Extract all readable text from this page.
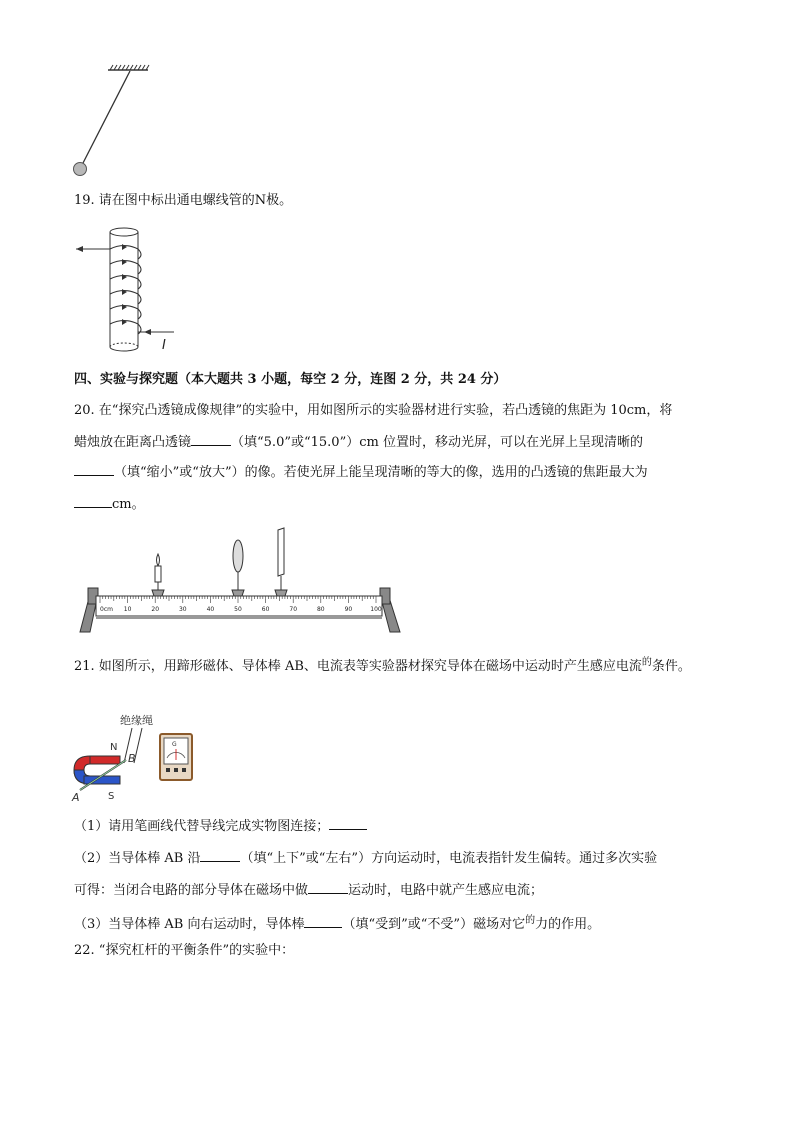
19. 请在图中标出通电螺线管的N极。
I
四、实验与探究题（本大题共 3 小题，每空 2 分，连图 2 分，共 24 分）
20. 在“探究凸透镜成像规律”的实验中，用如图所示的实验器材进行实验，若凸透镜的焦距为 10cm，将
蜡烛放在距离凸透镜	（填“5.0”或“15.0”）cm 位置时，移动光屏，可以在光屏上呈现清晰的
（填“缩小”或“放大”）的像。若使光屏上能呈现清晰的等大的像，选用的凸透镜的焦距最大为
cm。
0cm 10	20	30	40	50	60	70	80	90	100
21. 如图所示，用蹄形磁体、导体棒 AB、电流表等实验器材探究导体在磁场中运动时产生感应电流$^的$条件。
绝缘绳
N
B
A	S
G
（1）请用笔画线代替导线完成实物图连接；
（2）当导体棒 AB 沿	（填“上下”或“左右”）方向运动时，电流表指针发生偏转。通过多次实验
可得：当闭合电路的部分导体在磁场中做	运动时，电路中就产生感应电流；
（3）当导体棒 AB 向右运动时，导体棒	（填“受到”或“不受”）磁场对它$^的$力的作用。
22. “探究杠杆的平衡条件”的实验中：
